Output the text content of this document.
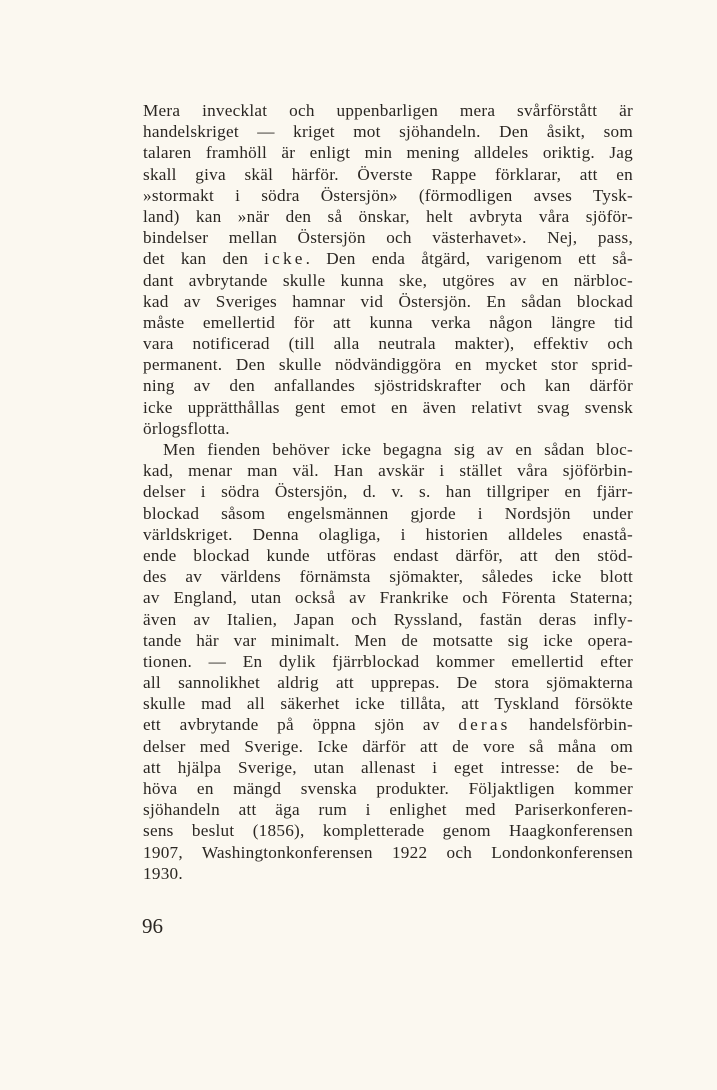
Mera invecklat och uppenbarligen mera svårförstått är
handelskriget — kriget mot sjöhandeln. Den åsikt, som
talaren framhöll är enligt min mening alldeles oriktig. Jag
skall giva skäl härför. Överste Rappe förklarar, att en
»stormakt i södra Östersjön» (förmodligen avses Tysk-
land) kan »när den så önskar, helt avbryta våra sjöför-
bindelser mellan Östersjön och västerhavet». Nej, pass,
det kan den icke. Den enda åtgärd, varigenom ett så-
dant avbrytande skulle kunna ske, utgöres av en närbloc-
kad av Sveriges hamnar vid Östersjön. En sådan blockad
måste emellertid för att kunna verka någon längre tid
vara notificerad (till alla neutrala makter), effektiv och
permanent. Den skulle nödvändiggöra en mycket stor sprid-
ning av den anfallandes sjöstridskrafter och kan därför
icke upprätthållas gent emot en även relativt svag svensk
örlogsflotta.
Men fienden behöver icke begagna sig av en sådan bloc-
kad, menar man väl. Han avskär i stället våra sjöförbin-
delser i södra Östersjön, d. v. s. han tillgriper en fjärr-
blockad såsom engelsmännen gjorde i Nordsjön under
världskriget. Denna olagliga, i historien alldeles enastå-
ende blockad kunde utföras endast därför, att den stöd-
des av världens förnämsta sjömakter, således icke blott
av England, utan också av Frankrike och Förenta Staterna;
även av Italien, Japan och Ryssland, fastän deras infly-
tande här var minimalt. Men de motsatte sig icke opera-
tionen. — En dylik fjärrblockad kommer emellertid efter
all sannolikhet aldrig att upprepas. De stora sjömakterna
skulle mad all säkerhet icke tillåta, att Tyskland försökte
ett avbrytande på öppna sjön av deras handelsförbin-
delser med Sverige. Icke därför att de vore så måna om
att hjälpa Sverige, utan allenast i eget intresse: de be-
höva en mängd svenska produkter. Följaktligen kommer
sjöhandeln att äga rum i enlighet med Pariserkonferen-
sens beslut (1856), kompletterade genom Haagkonferensen
1907, Washingtonkonferensen 1922 och Londonkonferensen
1930.
96
